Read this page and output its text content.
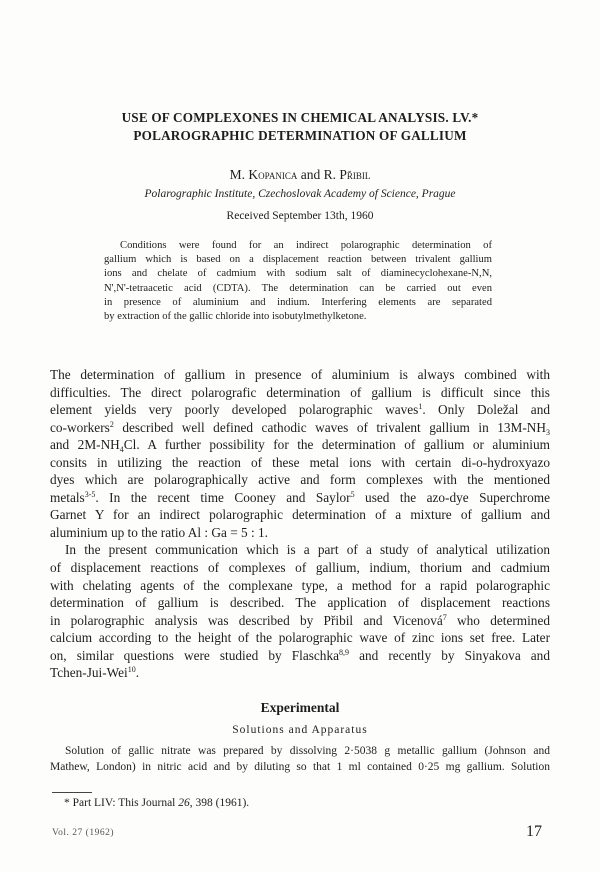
USE OF COMPLEXONES IN CHEMICAL ANALYSIS. LV.*
POLAROGRAPHIC DETERMINATION OF GALLIUM
M. Kopanica and R. Přibil
Polarographic Institute, Czechoslovak Academy of Science, Prague
Received September 13th, 1960
Conditions were found for an indirect polarographic determination of
gallium which is based on a displacement reaction between trivalent gallium
ions and chelate of cadmium with sodium salt of diaminecyclohexane-N,N,
N',N'-tetraacetic acid (CDTA). The determination can be carried out even
in presence of aluminium and indium. Interfering elements are separated
by extraction of the gallic chloride into isobutylmethylketone.
The determination of gallium in presence of aluminium is always combined with
difficulties. The direct polarografic determination of gallium is difficult since this
element yields very poorly developed polarographic waves$^1$. Only Doležal and
co-workers$^2$ described well defined cathodic waves of trivalent gallium in $13M-NH_3$
and $2M-NH_4Cl$. A further possibility for the determination of gallium or aluminium
consits in utilizing the reaction of these metal ions with certain di-o-hydroxyazo
dyes which are polarographically active and form complexes with the mentioned
metals$^{3-5}$. In the recent time Cooney and Saylor$^5$ used the azo-dye Superchrome
Garnet Y for an indirect polarographic determination of a mixture of gallium and
aluminium up to the ratio Al : Ga = 5 : 1.
In the present communication which is a part of a study of analytical utilization
of displacement reactions of complexes of gallium, indium, thorium and cadmium
with chelating agents of the complexane type, a method for a rapid polarographic
determination of gallium is described. The application of displacement reactions
in polarographic analysis was described by Přibil and Vicenová$^7$ who determined
calcium according to the height of the polarographic wave of zinc ions set free. Later
on, similar questions were studied by Flaschka$^{8,9}$ and recently by Sinyakova and
Tchen-Jui-Wei$^{10}$.
Experimental
Solutions and Apparatus
Solution of gallic nitrate was prepared by dissolving 2·5038 g metallic gallium (Johnson and
Mathew, London) in nitric acid and by diluting so that 1 ml contained 0·25 mg gallium. Solution
* Part LIV: This Journal 26, 398 (1961).
Vol. 27 (1962)	17
